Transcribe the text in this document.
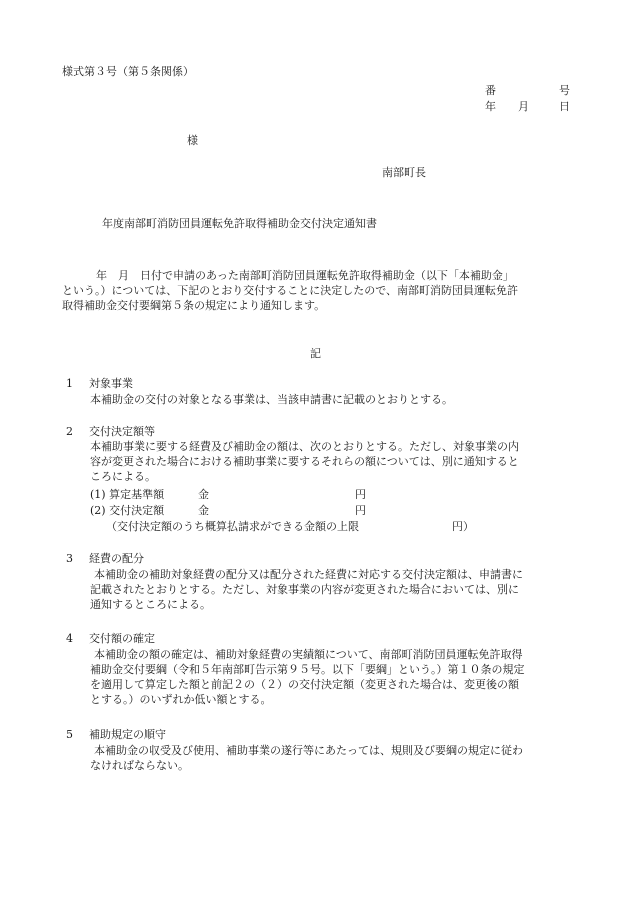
様式第３号（第５条関係）
番	号
年 月	日
様
南部町長
年度南部町消防団員運転免許取得補助金交付決定通知書
年　月　日付で申請のあった南部町消防団員運転免許取得補助金（以下「本補助金」
という。）については、下記のとおり交付することに決定したので、南部町消防団員運転免許
取得補助金交付要綱第５条の規定により通知します。
記
1 対象事業
本補助金の交付の対象となる事業は、当該申請書に記載のとおりとする。
2 交付決定額等
本補助事業に要する経費及び補助金の額は、次のとおりとする。ただし、対象事業の内
容が変更された場合における補助事業に要するそれらの額については、別に通知すると
ころによる。
(1) 算定基準額	金	円
(2) 交付決定額	金	円
（交付決定額のうち概算払請求ができる金額の上限	円）
3 経費の配分
本補助金の補助対象経費の配分又は配分された経費に対応する交付決定額は、申請書に
記載されたとおりとする。ただし、対象事業の内容が変更された場合においては、別に
通知するところによる。
4 交付額の確定
本補助金の額の確定は、補助対象経費の実績額について、南部町消防団員運転免許取得
補助金交付要綱（令和５年南部町告示第９５号。以下「要綱」という。）第１０条の規定
を適用して算定した額と前記２の（２）の交付決定額（変更された場合は、変更後の額
とする。）のいずれか低い額とする。
5 補助規定の順守
本補助金の収受及び使用、補助事業の遂行等にあたっては、規則及び要綱の規定に従わ
なければならない。
